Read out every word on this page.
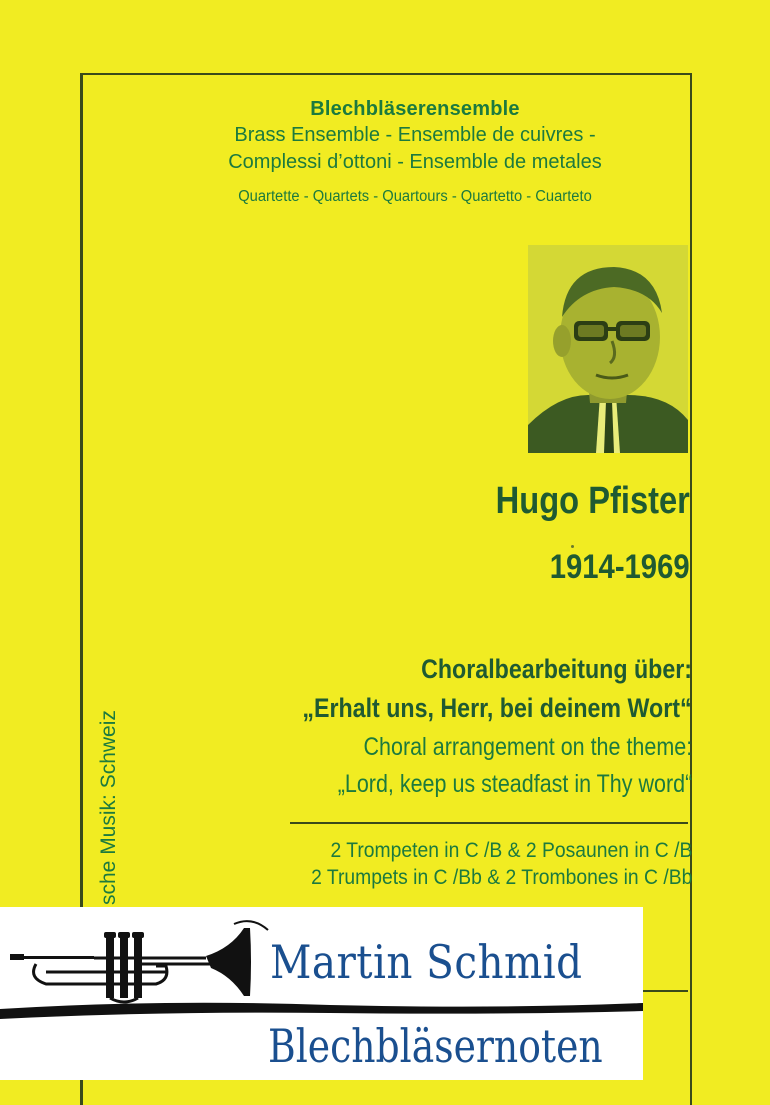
Blechbläserensemble
Brass Ensemble - Ensemble de cuivres -
Complessi d’ottoni - Ensemble de metales
Quartette - Quartets - Quartours - Quartetto - Cuarteto
Hugo Pfister
1914-1969
Choralbearbeitung über:
„Erhalt uns, Herr, bei deinem Wort“
Choral arrangement on the theme:
„Lord, keep us steadfast in Thy word“
2 Trompeten in C /B & 2 Posaunen in C /B
2 Trumpets in C /Bb & 2 Trombones in C /Bb
sche Musik: Schweiz
Martin Schmid
Blechbläsernoten
